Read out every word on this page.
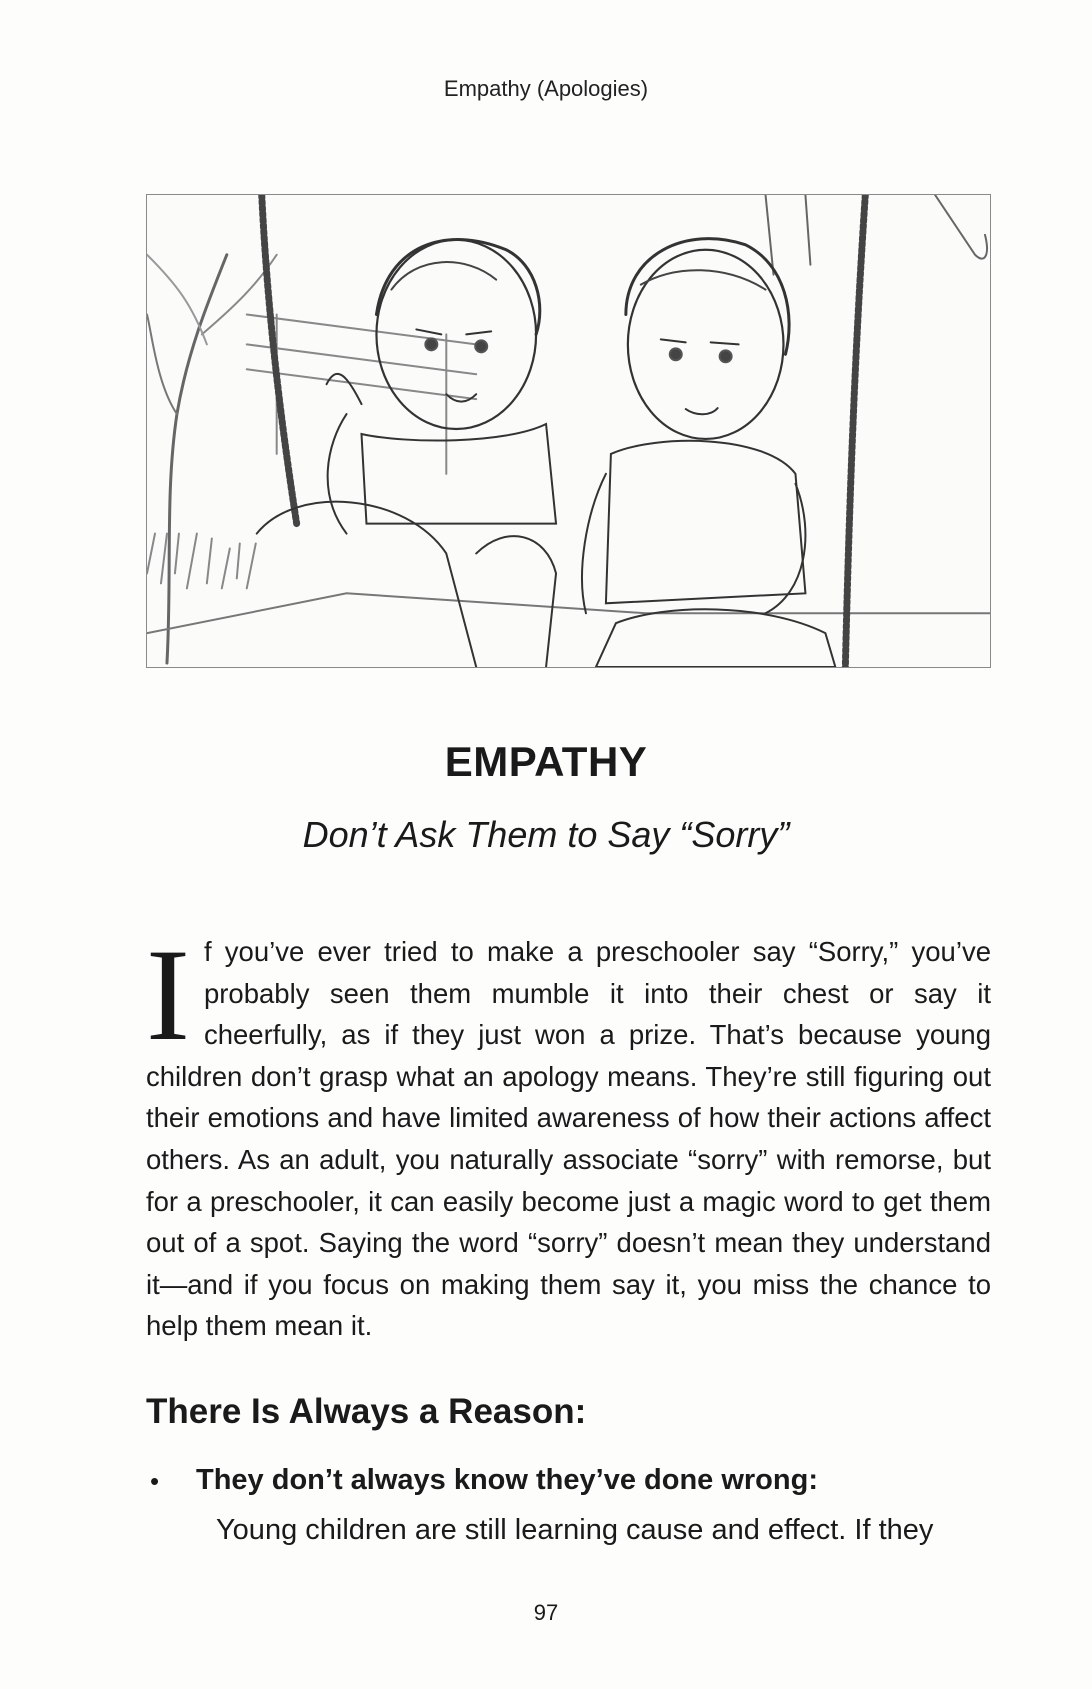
Empathy (Apologies)
EMPATHY
Don’t Ask Them to Say “Sorry”

If you’ve ever tried to make a preschooler say “Sorry,” you’ve probably seen them mumble it into their chest or say it cheerfully, as if they just won a prize. That’s because young children don’t grasp what an apology means. They’re still figuring out their emotions and have limited awareness of how their actions affect others. As an adult, you naturally associate “sorry” with remorse, but for a preschooler, it can easily become just a magic word to get them out of a spot. Saying the word “sorry” doesn’t mean they understand it—and if you focus on making them say it, you miss the chance to help them mean it.

There Is Always a Reason:
• They don’t always know they’ve done wrong:
Young children are still learning cause and effect. If they
97
